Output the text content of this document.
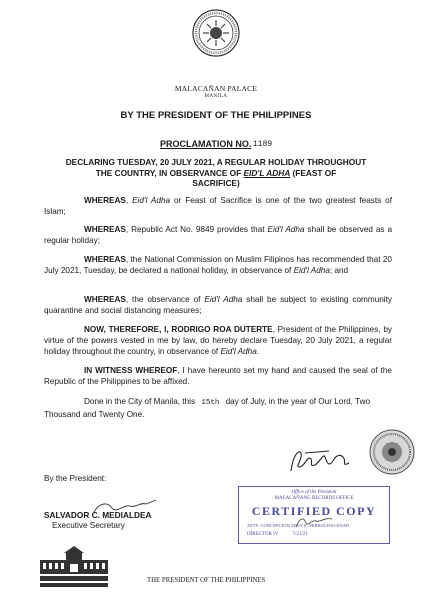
MALACAÑAN PALACE
MANILA
BY THE PRESIDENT OF THE PHILIPPINES
PROCLAMATION NO. 1189
DECLARING TUESDAY, 20 JULY 2021, A REGULAR HOLIDAY THROUGHOUT
THE COUNTRY, IN OBSERVANCE OF EID'L ADHA (FEAST OF
SACRIFICE)
WHEREAS, Eid'l Adha or Feast of Sacrifice is one of the two greatest feasts of Islam;
WHEREAS, Republic Act No. 9849 provides that Eid'l Adha shall be observed as a regular holiday;
WHEREAS, the National Commission on Muslim Filipinos has recommended that 20 July 2021, Tuesday, be declared a national holiday, in observance of Eid'l Adha; and
WHEREAS, the observance of Eid'l Adha shall be subject to existing community quarantine and social distancing measures;
NOW, THEREFORE, I, RODRIGO ROA DUTERTE, President of the Philippines, by virtue of the powers vested in me by law, do hereby declare Tuesday, 20 July 2021, a regular holiday throughout the country, in observance of Eid'l Adha.
IN WITNESS WHEREOF, I have hereunto set my hand and caused the seal of the Republic of the Philippines to be affixed.
Done in the City of Manila, this 15th day of July, in the year of Our Lord, Two Thousand and Twenty One.
By the President:
SALVADOR C. MEDIALDEA
Executive Secretary
Office of the President
MALACAÑANG RECORDS OFFICE
CERTIFIED COPY
ATTY. CONCEPCION ZENY E. FERROLINO-ENAD
DIRECTOR IV	7/21/21
THE PRESIDENT OF THE PHILIPPINES
